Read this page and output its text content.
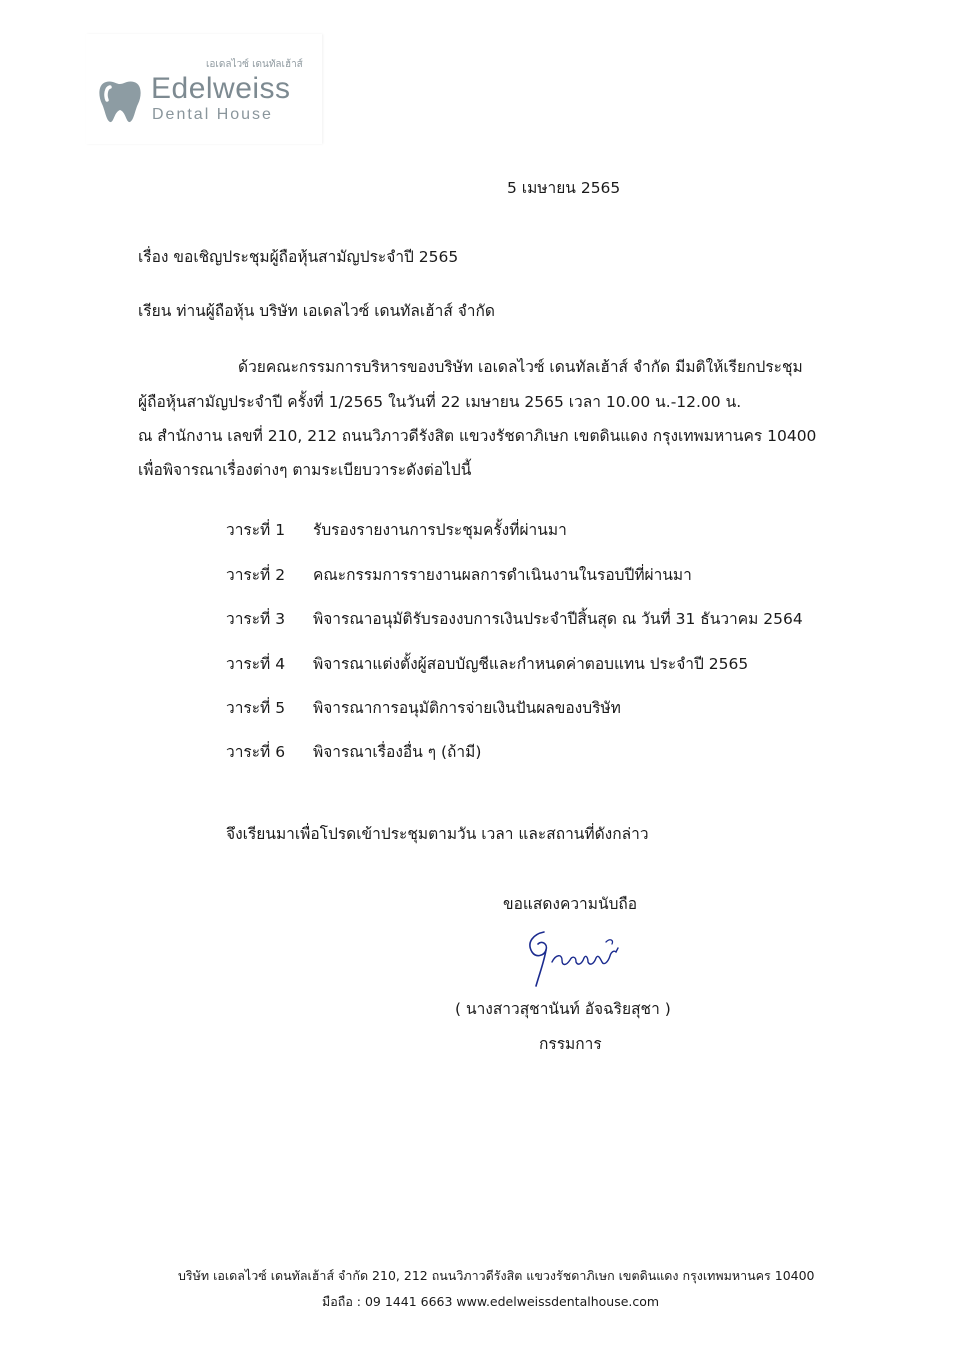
เอเดลไวซ์ เดนทัลเฮ้าส์
Edelweiss
Dental House
5 เมษายน 2565
เรื่อง ขอเชิญประชุมผู้ถือหุ้นสามัญประจำปี 2565
เรียน ท่านผู้ถือหุ้น บริษัท เอเดลไวซ์ เดนทัลเฮ้าส์ จำกัด
ด้วยคณะกรรมการบริหารของบริษัท เอเดลไวซ์ เดนทัลเฮ้าส์ จำกัด มีมติให้เรียกประชุม
ผู้ถือหุ้นสามัญประจำปี ครั้งที่ 1/2565 ในวันที่ 22 เมษายน 2565 เวลา 10.00 น.-12.00 น.
ณ สำนักงาน เลขที่ 210, 212 ถนนวิภาวดีรังสิต แขวงรัชดาภิเษก เขตดินแดง กรุงเทพมหานคร 10400
เพื่อพิจารณาเรื่องต่างๆ ตามระเบียบวาระดังต่อไปนี้
วาระที่ 1 รับรองรายงานการประชุมครั้งที่ผ่านมา
วาระที่ 2 คณะกรรมการรายงานผลการดำเนินงานในรอบปีที่ผ่านมา
วาระที่ 3 พิจารณาอนุมัติรับรองงบการเงินประจำปีสิ้นสุด ณ วันที่ 31 ธันวาคม 2564
วาระที่ 4 พิจารณาแต่งตั้งผู้สอบบัญชีและกำหนดค่าตอบแทน ประจำปี 2565
วาระที่ 5 พิจารณาการอนุมัติการจ่ายเงินปันผลของบริษัท
วาระที่ 6 พิจารณาเรื่องอื่น ๆ (ถ้ามี)
จึงเรียนมาเพื่อโปรดเข้าประชุมตามวัน เวลา และสถานที่ดังกล่าว
ขอแสดงความนับถือ
( นางสาวสุชานันท์ อัจฉริยสุชา )
กรรมการ
บริษัท เอเดลไวซ์ เดนทัลเฮ้าส์ จำกัด 210, 212 ถนนวิภาวดีรังสิต แขวงรัชดาภิเษก เขตดินแดง กรุงเทพมหานคร 10400
มือถือ : 09 1441 6663 www.edelweissdentalhouse.com
